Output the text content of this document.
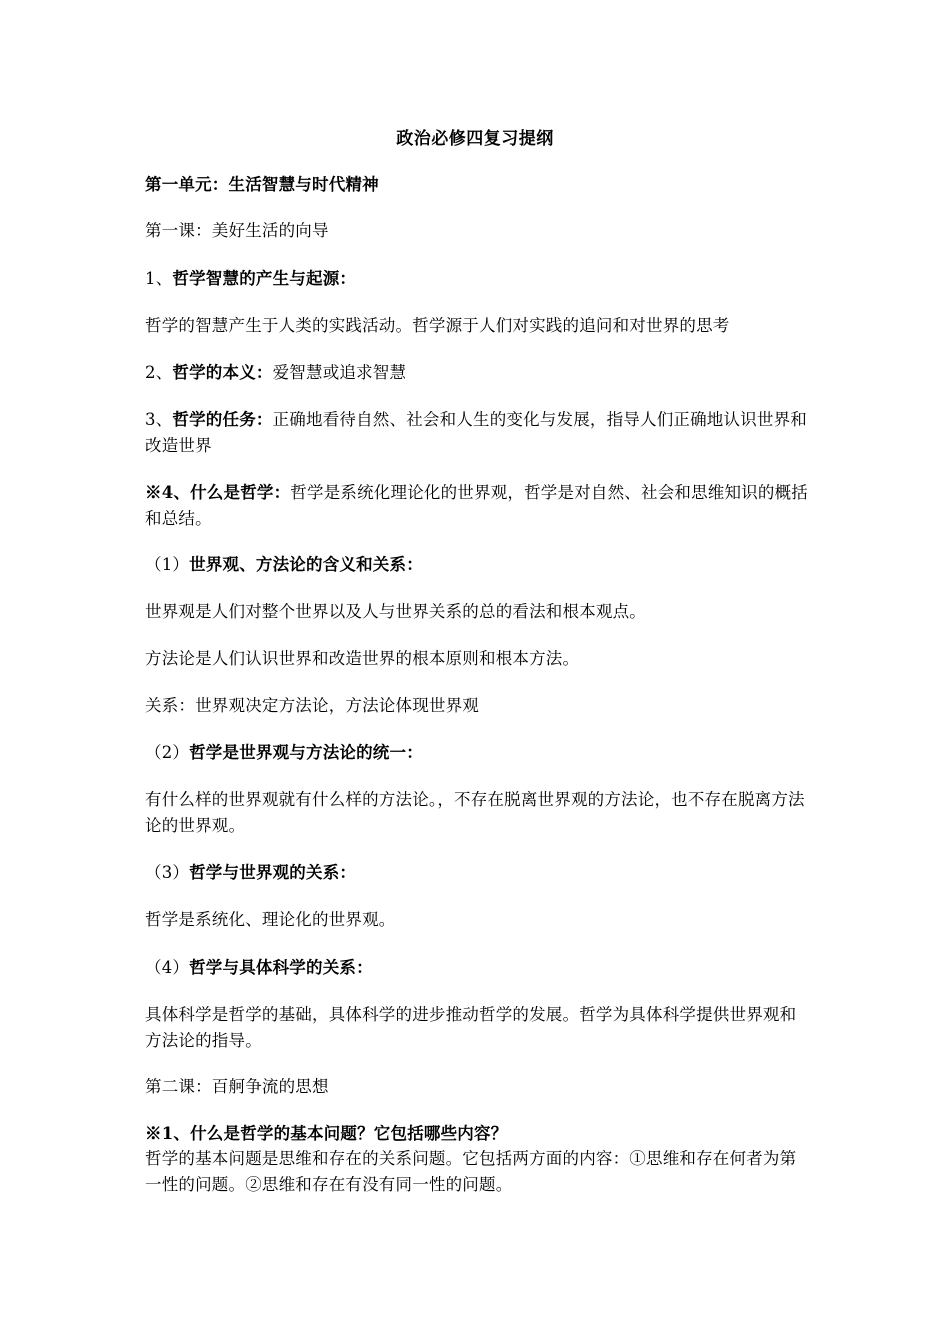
政治必修四复习提纲

第一单元：生活智慧与时代精神

第一课：美好生活的向导

1、哲学智慧的产生与起源：

哲学的智慧产生于人类的实践活动。哲学源于人们对实践的追问和对世界的思考

2、哲学的本义：爱智慧或追求智慧

3、哲学的任务：正确地看待自然、社会和人生的变化与发展，指导人们正确地认识世界和改造世界

※4、什么是哲学：哲学是系统化理论化的世界观，哲学是对自然、社会和思维知识的概括和总结。

（1）世界观、方法论的含义和关系：

世界观是人们对整个世界以及人与世界关系的总的看法和根本观点。

方法论是人们认识世界和改造世界的根本原则和根本方法。

关系：世界观决定方法论，方法论体现世界观

（2）哲学是世界观与方法论的统一：

有什么样的世界观就有什么样的方法论。，不存在脱离世界观的方法论，也不存在脱离方法论的世界观。

（3）哲学与世界观的关系：

哲学是系统化、理论化的世界观。

（4）哲学与具体科学的关系：

具体科学是哲学的基础，具体科学的进步推动哲学的发展。哲学为具体科学提供世界观和方法论的指导。

第二课：百舸争流的思想

※1、什么是哲学的基本问题？它包括哪些内容？

哲学的基本问题是思维和存在的关系问题。它包括两方面的内容：①思维和存在何者为第一性的问题。②思维和存在有没有同一性的问题。
